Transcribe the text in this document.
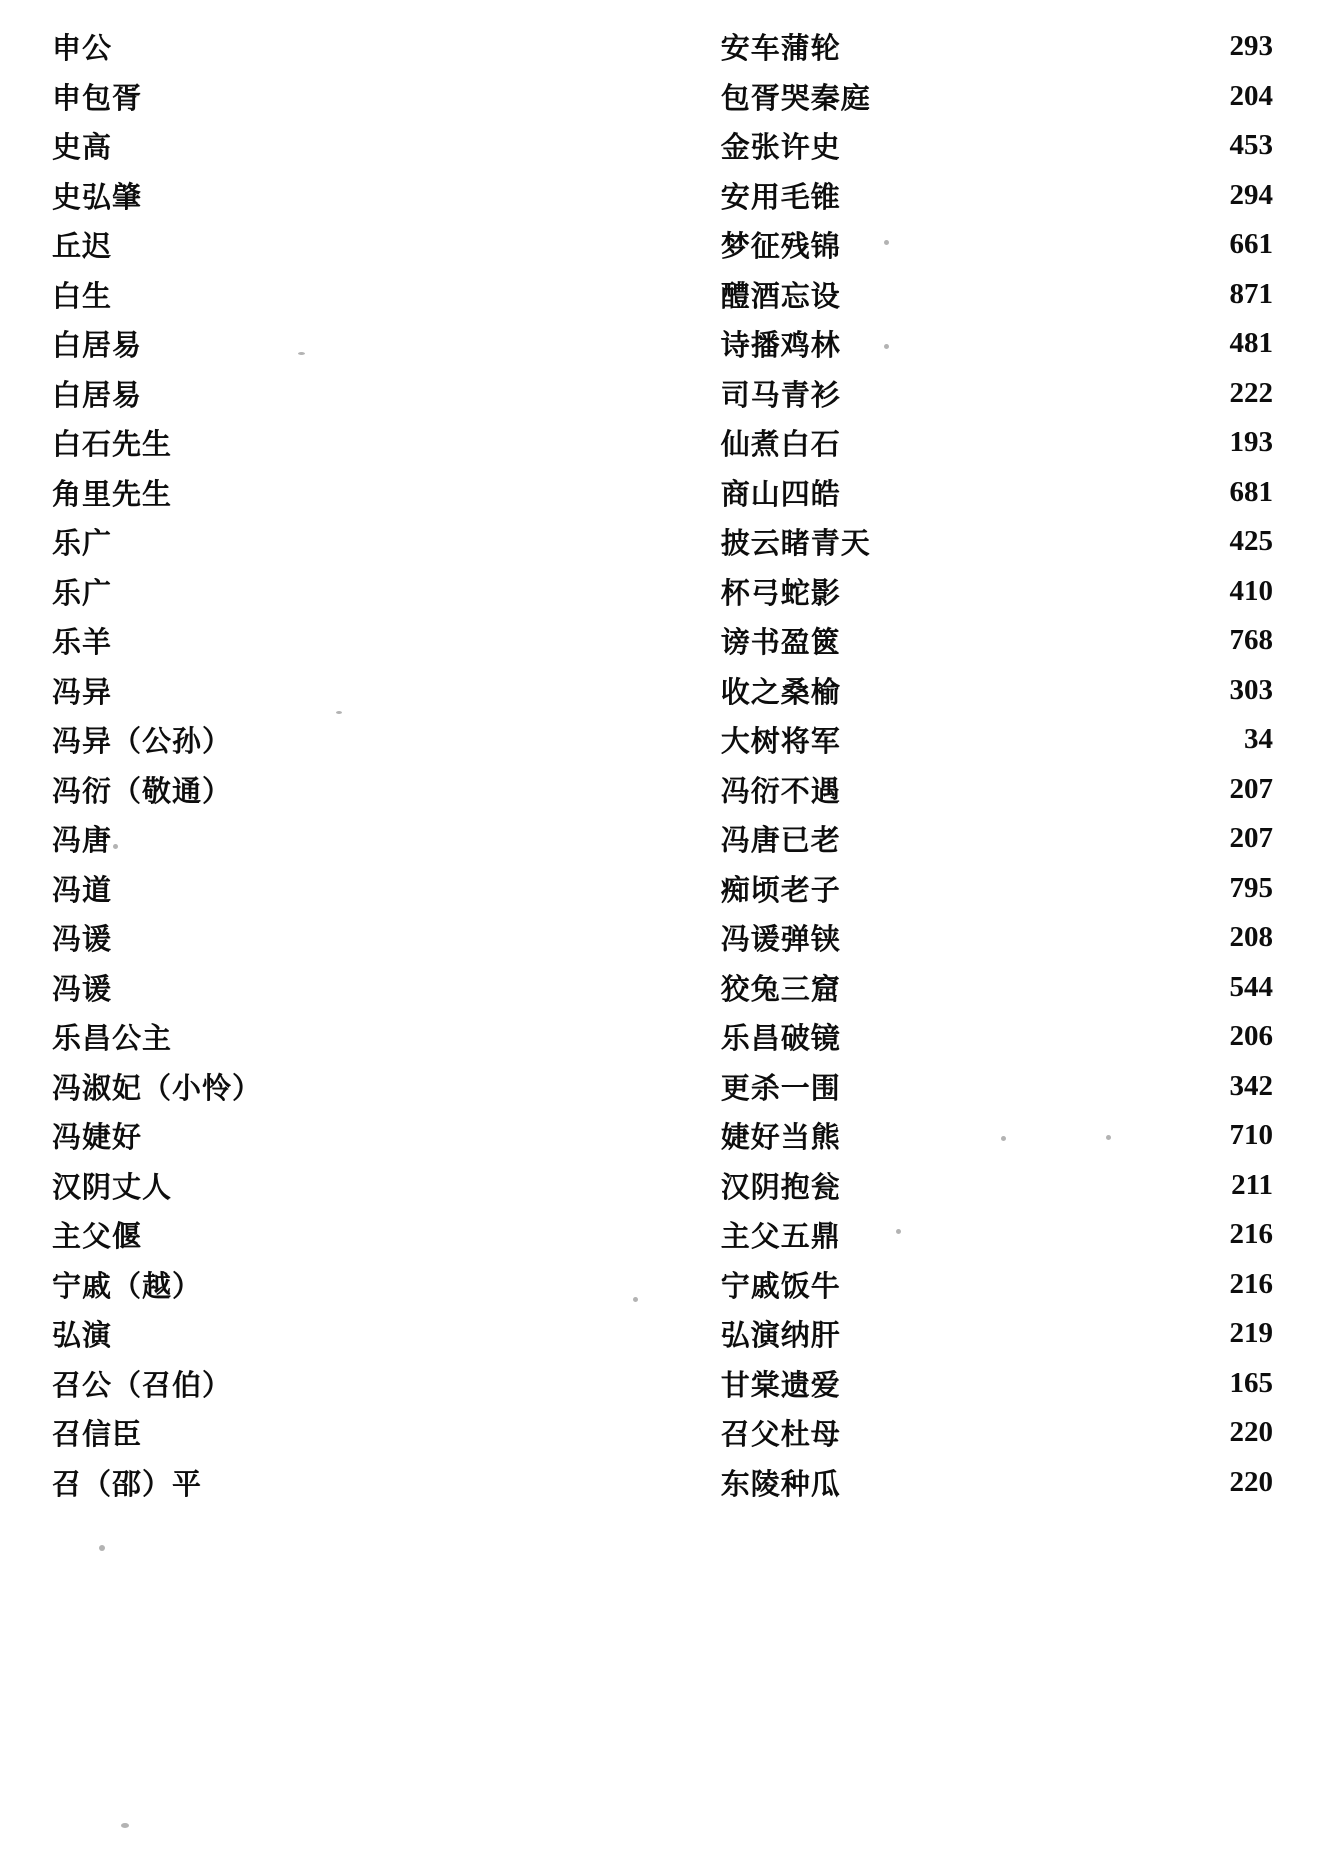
申公	安车蒲轮	293
申包胥	包胥哭秦庭	204
史高	金张许史	453
史弘肇	安用毛锥	294
丘迟	梦征残锦	661
白生	醴酒忘设	871
白居易	诗播鸡林	481
白居易	司马青衫	222
白石先生	仙煮白石	193
角里先生	商山四皓	681
乐广	披云睹青天	425
乐广	杯弓蛇影	410
乐羊	谤书盈篋	768
冯异	收之桑榆	303
冯异（公孙）	大树将军	34
冯衍（敬通）	冯衍不遇	207
冯唐	冯唐已老	207
冯道	痴顷老子	795
冯谖	冯谖弹铗	208
冯谖	狡兔三窟	544
乐昌公主	乐昌破镜	206
冯淑妃（小怜）	更杀一围	342
冯婕好	婕好当熊	710
汉阴丈人	汉阴抱瓮	211
主父偃	主父五鼎	216
宁戚（越）	宁戚饭牛	216
弘演	弘演纳肝	219
召公（召伯）	甘棠遗爱	165
召信臣	召父杜母	220
召（邵）平	东陵种瓜	220
